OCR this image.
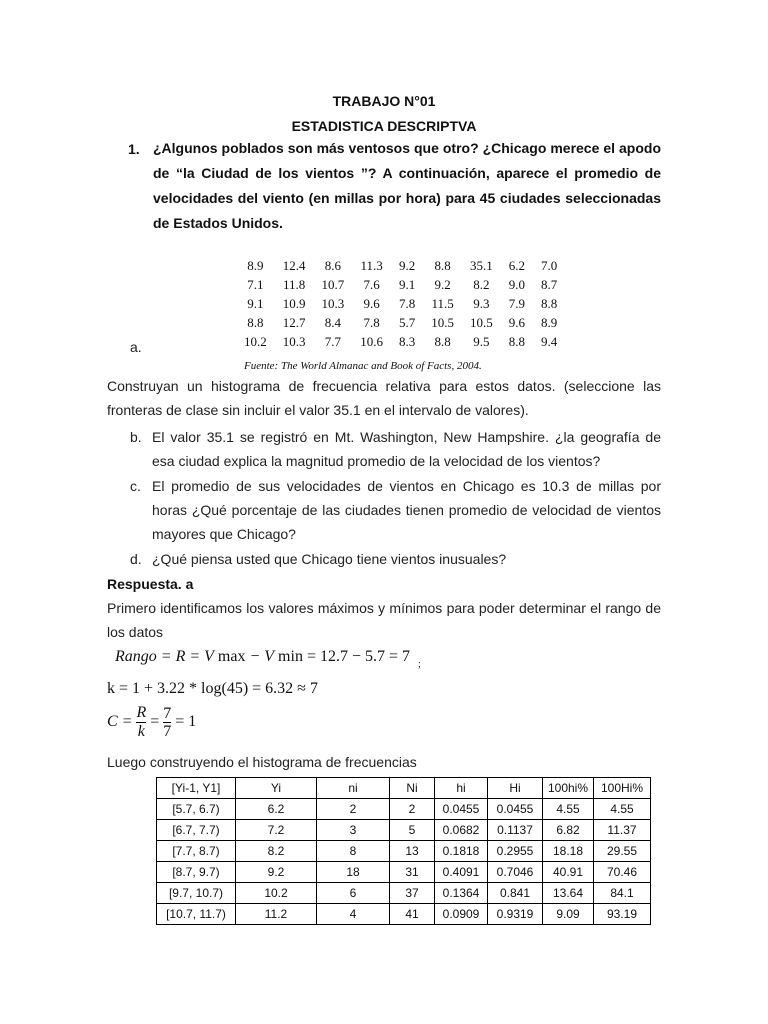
TRABAJO N°01
ESTADISTICA DESCRIPTVA
1. ¿Algunos poblados son más ventosos que otro? ¿Chicago merece el apodo de “la Ciudad de los vientos ”? A continuación, aparece el promedio de velocidades del viento (en millas por hora) para 45 ciudades seleccionadas de Estados Unidos.
8.9	12.4	8.6	11.3	9.2	8.8	35.1	6.2	7.0
7.1	11.8	10.7	7.6	9.1	9.2	8.2	9.0	8.7
9.1	10.9	10.3	9.6	7.8	11.5	9.3	7.9	8.8
8.8	12.7	8.4	7.8	5.7	10.5	10.5	9.6	8.9
10.2	10.3	7.7	10.6	8.3	8.8	9.5	8.8	9.4
Fuente: The World Almanac and Book of Facts, 2004.
a.
Construyan un histograma de frecuencia relativa para estos datos. (seleccione las fronteras de clase sin incluir el valor 35.1 en el intervalo de valores).
b. El valor 35.1 se registró en Mt. Washington, New Hampshire. ¿la geografía de esa ciudad explica la magnitud promedio de la velocidad de los vientos?
c. El promedio de sus velocidades de vientos en Chicago es 10.3 de millas por horas ¿Qué porcentaje de las ciudades tienen promedio de velocidad de vientos mayores que Chicago?
d. ¿Qué piensa usted que Chicago tiene vientos inusuales?
Respuesta. a
Primero identificamos los valores máximos y mínimos para poder determinar el rango de los datos
Rango = R = V max − V min = 12.7 − 5.7 = 7 $_;$
k = 1 + 3.22 * log(45) = 6.32 ≈ 7
$C = \frac{R}{k} = \frac{7}{7} = 1$
Luego construyendo el histograma de frecuencias
[Yi-1, Y1]	Yi	ni	Ni	hi	Hi	100hi%	100Hi%
[5.7, 6.7)	6.2	2	2	0.0455	0.0455	4.55	4.55
[6.7, 7.7)	7.2	3	5	0.0682	0.1137	6.82	11.37
[7.7, 8.7)	8.2	8	13	0.1818	0.2955	18.18	29.55
[8.7, 9.7)	9.2	18	31	0.4091	0.7046	40.91	70.46
[9.7, 10.7)	10.2	6	37	0.1364	0.841	13.64	84.1
[10.7, 11.7)	11.2	4	41	0.0909	0.9319	9.09	93.19
